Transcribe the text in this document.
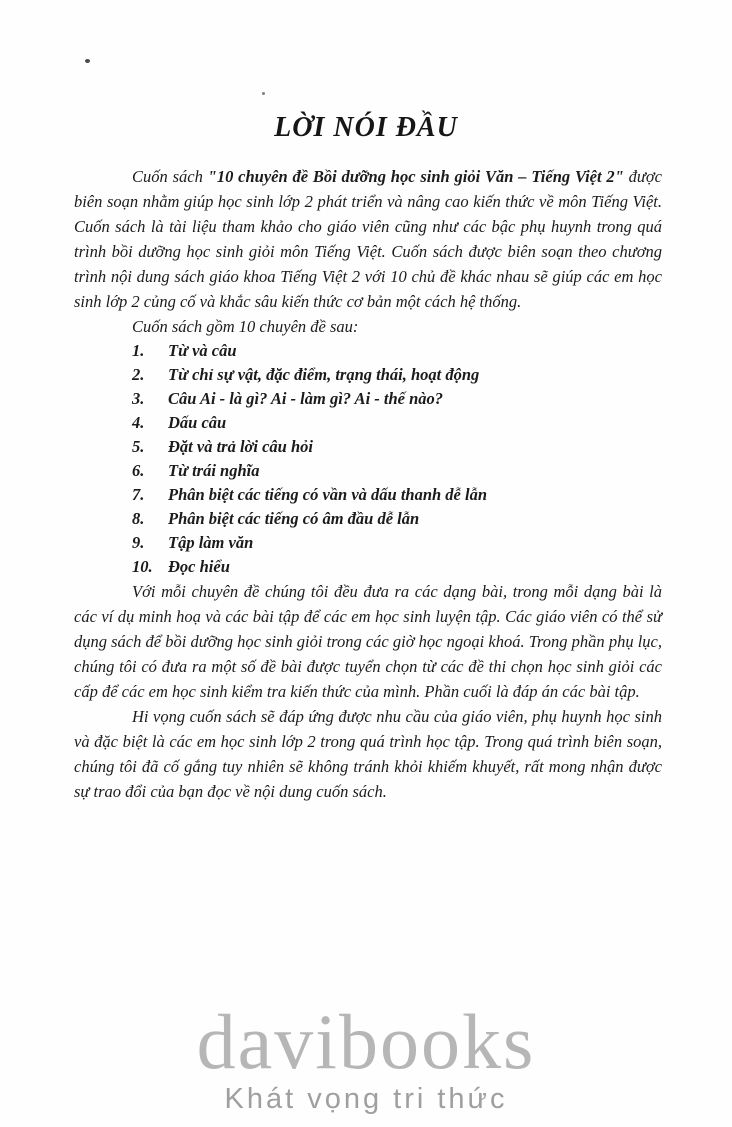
LỜI NÓI ĐẦU

Cuốn sách "10 chuyên đề Bồi dưỡng học sinh giỏi Văn – Tiếng Việt 2" được biên soạn nhằm giúp học sinh lớp 2 phát triển và nâng cao kiến thức về môn Tiếng Việt. Cuốn sách là tài liệu tham khảo cho giáo viên cũng như các bậc phụ huynh trong quá trình bồi dưỡng học sinh giỏi môn Tiếng Việt. Cuốn sách được biên soạn theo chương trình nội dung sách giáo khoa Tiếng Việt 2 với 10 chủ đề khác nhau sẽ giúp các em học sinh lớp 2 củng cố và khắc sâu kiến thức cơ bản một cách hệ thống.

Cuốn sách gồm 10 chuyên đề sau:

1.	Từ và câu
2.	Từ chỉ sự vật, đặc điểm, trạng thái, hoạt động
3.	Câu Ai - là gì? Ai - làm gì? Ai - thế nào?
4.	Dấu câu
5.	Đặt và trả lời câu hỏi
6.	Từ trái nghĩa
7.	Phân biệt các tiếng có vần và dấu thanh dễ lẫn
8.	Phân biệt các tiếng có âm đầu dễ lẫn
9.	Tập làm văn
10. Đọc hiểu

Với mỗi chuyên đề chúng tôi đều đưa ra các dạng bài, trong mỗi dạng bài là các ví dụ minh hoạ và các bài tập để các em học sinh luyện tập. Các giáo viên có thể sử dụng sách để bồi dưỡng học sinh giỏi trong các giờ học ngoại khoá. Trong phần phụ lục, chúng tôi có đưa ra một số đề bài được tuyển chọn từ các đề thi chọn học sinh giỏi các cấp để các em học sinh kiểm tra kiến thức của mình. Phần cuối là đáp án các bài tập.

Hi vọng cuốn sách sẽ đáp ứng được nhu cầu của giáo viên, phụ huynh học sinh và đặc biệt là các em học sinh lớp 2 trong quá trình học tập. Trong quá trình biên soạn, chúng tôi đã cố gắng tuy nhiên sẽ không tránh khỏi khiếm khuyết, rất mong nhận được sự trao đổi của bạn đọc về nội dung cuốn sách.

davibooks
Khát vọng tri thức
